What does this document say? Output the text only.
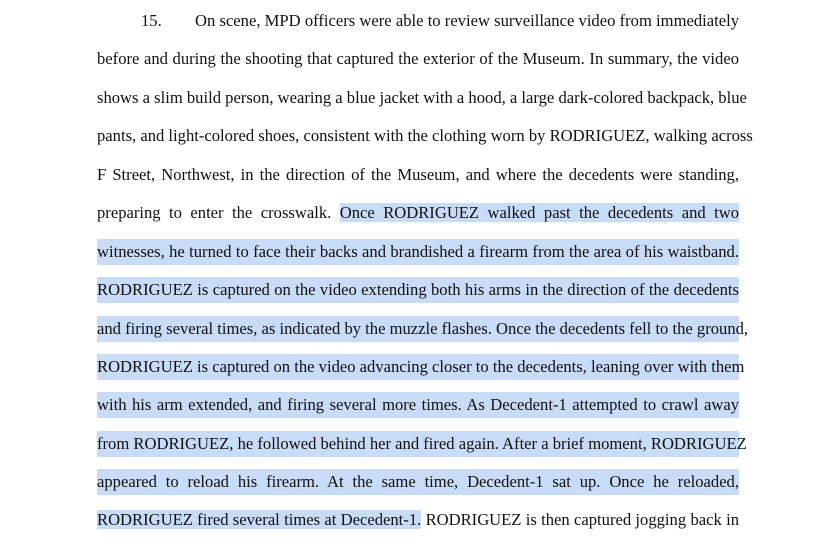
15. On scene, MPD officers were able to review surveillance video from immediately
before and during the shooting that captured the exterior of the Museum. In summary, the video
shows a slim build person, wearing a blue jacket with a hood, a large dark-colored backpack, blue
pants, and light-colored shoes, consistent with the clothing worn by RODRIGUEZ, walking across
F Street, Northwest, in the direction of the Museum, and where the decedents were standing,
preparing to enter the crosswalk. Once RODRIGUEZ walked past the decedents and two
witnesses, he turned to face their backs and brandished a firearm from the area of his waistband.
RODRIGUEZ is captured on the video extending both his arms in the direction of the decedents
and firing several times, as indicated by the muzzle flashes. Once the decedents fell to the ground,
RODRIGUEZ is captured on the video advancing closer to the decedents, leaning over with them
with his arm extended, and firing several more times. As Decedent-1 attempted to crawl away
from RODRIGUEZ, he followed behind her and fired again. After a brief moment, RODRIGUEZ
appeared to reload his firearm. At the same time, Decedent-1 sat up. Once he reloaded,
RODRIGUEZ fired several times at Decedent-1. RODRIGUEZ is then captured jogging back in
